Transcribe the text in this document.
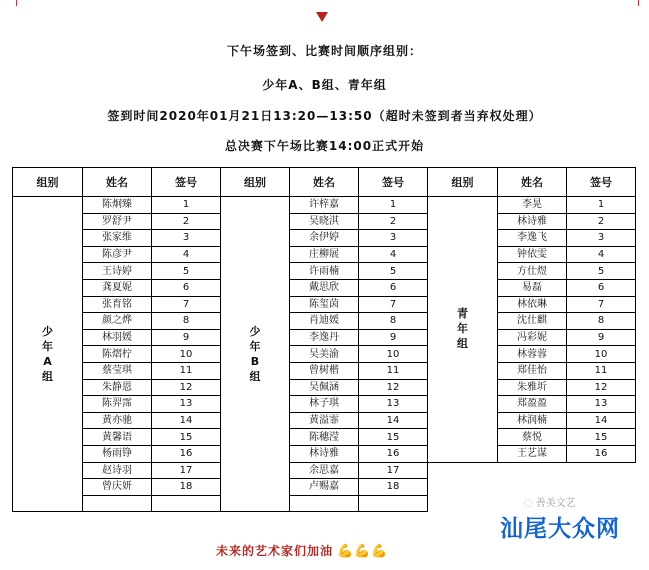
下午场签到、比赛时间顺序组别：
少年A、B组、青年组
签到时间2020年01月21日13:20—13:50（超时未签到者当弃权处理）
总决赛下午场比赛14:00正式开始
组别	姓名	签号	组别	姓名	签号	组别	姓名	签号
少年A组	陈炯臻	1	少年B组	许梓嘉	1	青年组	李晃	1
	罗舒尹	2		吴晓淇	2		林诗雅	2
	张家维	3		余伊婷	3		李逸飞	3
	陈彦尹	4		庄柳展	4		钟依雯	4
	王诗婷	5		许雨楠	5		方仕煜	5
	龚夏妮	6		戴思欣	6		易磊	6
	张育铭	7		陈玺茵	7		林依琳	7
	颜之烨	8		肖迪媛	8		沈仕麒	8
	林羽媛	9		李逸丹	9		冯彩妮	9
	陈熠柠	10		吴美渝	10		林蓉蓉	10
	蔡莹琪	11		曾树楷	11		郑佳怡	11
	朱静恩	12		吴佩涵	12		朱雅圻	12
	陈羿霈	13		林子琪	13		郑盈盈	13
	黄亦驰	14		黄溢霏	14		林润楠	14
	黄馨语	15		陈穗滢	15		蔡悦	15
	杨雨铮	16		林诗雅	16		王艺谋	16
	赵诗羽	17		余思嘉	17			
	曾庆妍	18		卢赐嘉	18			

◌ 善美文艺
汕尾大众网
未来的艺术家们加油 💪💪💪
